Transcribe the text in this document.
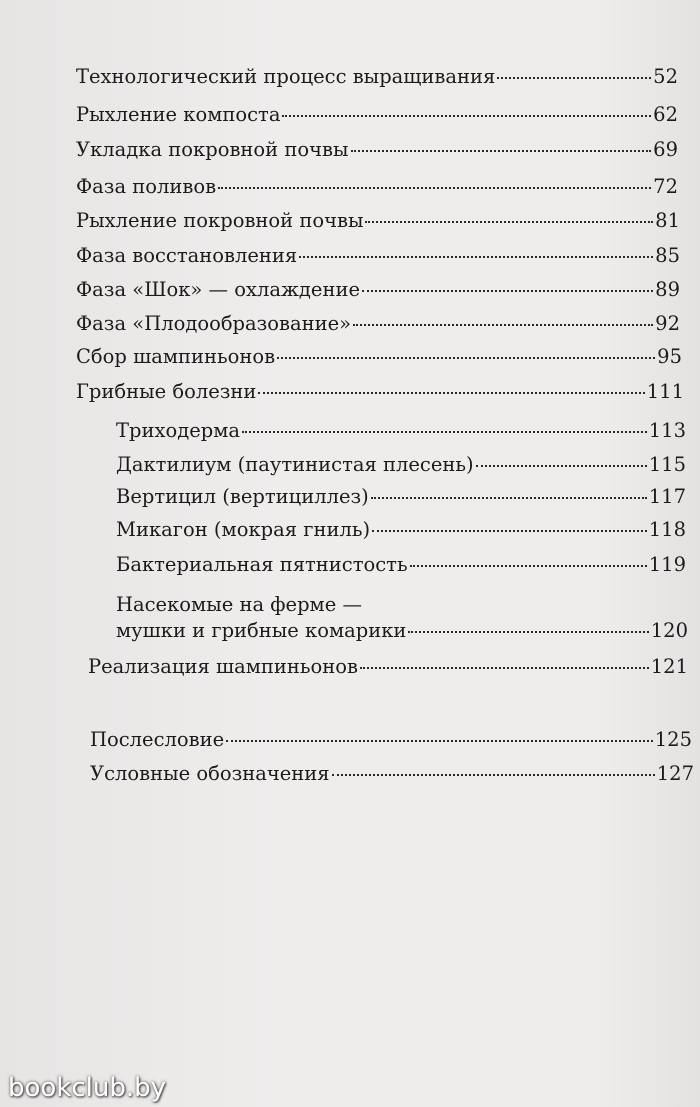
Технологический процесс выращивания	52
Рыхление компоста	62
Укладка покровной почвы	69
Фаза поливов	72
Рыхление покровной почвы	81
Фаза восстановления	85
Фаза «Шок» — охлаждение	89
Фаза «Плодообразование»	92
Сбор шампиньонов	95
Грибные болезни	111
Трихoдерма	113
Дактилиум (паутинистая плесень)	115
Вертицил (вертициллез)	117
Микагон (мокрая гниль)	118
Бактериальная пятнистость	119
Насекомые на ферме —
мушки и грибные комарики	120
Реализация шампиньонов	121
Послесловие	125
Условные обозначения	127
bookclub.by
